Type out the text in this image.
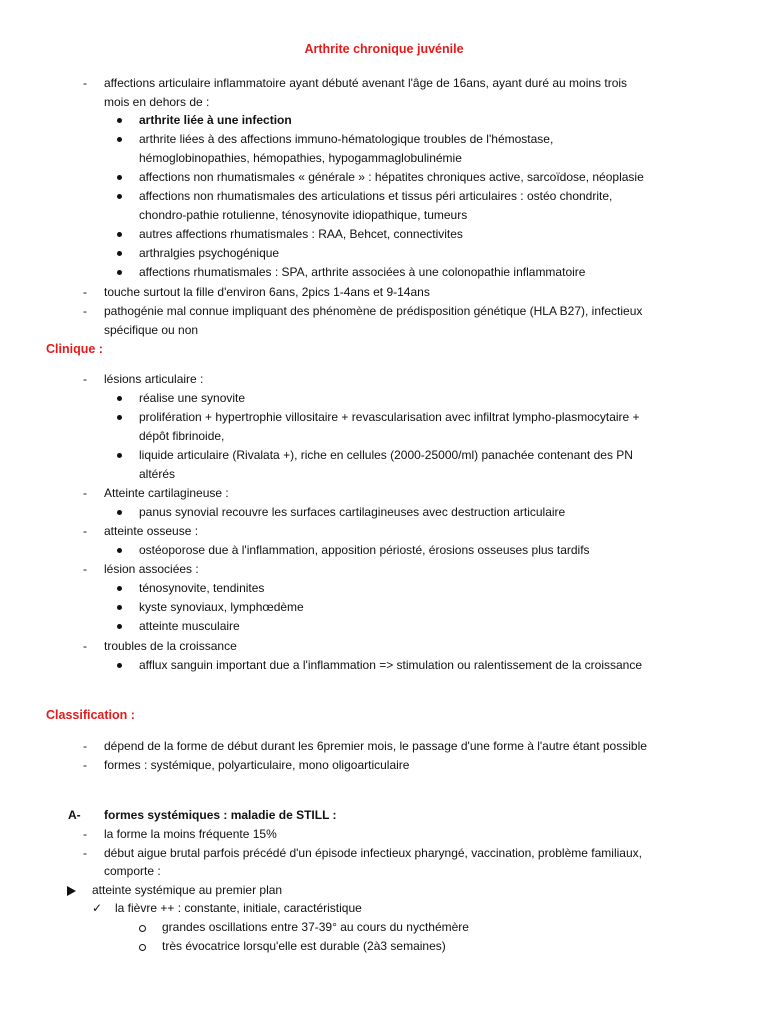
Arthrite chronique juvénile
- affections articulaire inflammatoire ayant débuté avenant l'âge de 16ans, ayant duré au moins trois
mois en dehors de :
arthrite liée à une infection
arthrite liées à des affections immuno-hématologique troubles de l'hémostase,
hémoglobinopathies, hémopathies, hypogammaglobulinémie
affections non rhumatismales « générale » : hépatites chroniques active, sarcoïdose, néoplasie
affections non rhumatismales des articulations et tissus péri articulaires : ostéo chondrite,
chondro-pathie rotulienne, ténosynovite idiopathique, tumeurs
autres affections rhumatismales : RAA, Behcet, connectivites
arthralgies psychogénique
affections rhumatismales : SPA, arthrite associées à une colonopathie inflammatoire
- touche surtout la fille d'environ 6ans, 2pics 1-4ans et 9-14ans
- pathogénie mal connue impliquant des phénomène de prédisposition génétique (HLA B27), infectieux
spécifique ou non
Clinique :
- lésions articulaire :
réalise une synovite
prolifération + hypertrophie villositaire + revascularisation avec infiltrat lympho-plasmocytaire +
dépôt fibrinoide,
liquide articulaire (Rivalata +), riche en cellules (2000-25000/ml) panachée contenant des PN
altérés
- Atteinte cartilagineuse :
panus synovial recouvre les surfaces cartilagineuses avec destruction articulaire
- atteinte osseuse :
ostéoporose due à l'inflammation, apposition périosté, érosions osseuses plus tardifs
- lésion associées :
ténosynovite, tendinites
kyste synoviaux, lymphœdème
atteinte musculaire
- troubles de la croissance
afflux sanguin important due a l'inflammation => stimulation ou ralentissement de la croissance
Classification :
- dépend de la forme de début durant les 6premier mois, le passage d'une forme à l'autre étant possible
- formes : systémique, polyarticulaire, mono oligoarticulaire
A- formes systémiques : maladie de STILL :
- la forme la moins fréquente 15%
- début aigue brutal parfois précédé d'un épisode infectieux pharyngé, vaccination, problème familiaux,
comporte :
atteinte systémique au premier plan
✓ la fièvre ++ : constante, initiale, caractéristique
grandes oscillations entre 37-39° au cours du nycthémère
très évocatrice lorsqu'elle est durable (2à3 semaines)
